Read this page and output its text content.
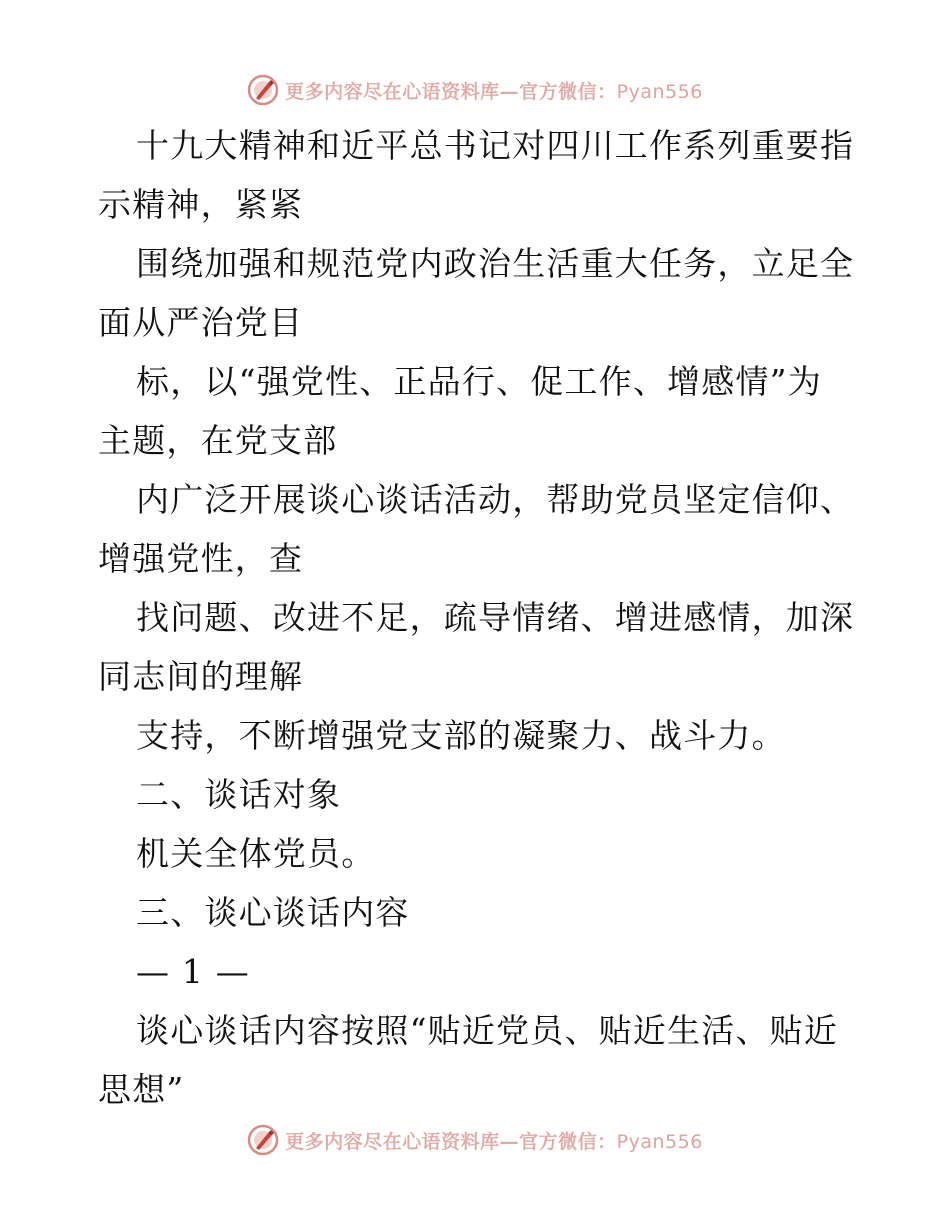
更多内容尽在心语资料库—官方微信：Pyan556
十九大精神和近平总书记对四川工作系列重要指
示精神，紧紧
围绕加强和规范党内政治生活重大任务，立足全
面从严治党目
标，以“强党性、正品行、促工作、增感情”为
主题，在党支部
内广泛开展谈心谈话活动，帮助党员坚定信仰、
增强党性，查
找问题、改进不足，疏导情绪、增进感情，加深
同志间的理解
支持，不断增强党支部的凝聚力、战斗力。
二、谈话对象
机关全体党员。
三、谈心谈话内容
— 1 —
谈心谈话内容按照“贴近党员、贴近生活、贴近
思想”
更多内容尽在心语资料库—官方微信：Pyan556
